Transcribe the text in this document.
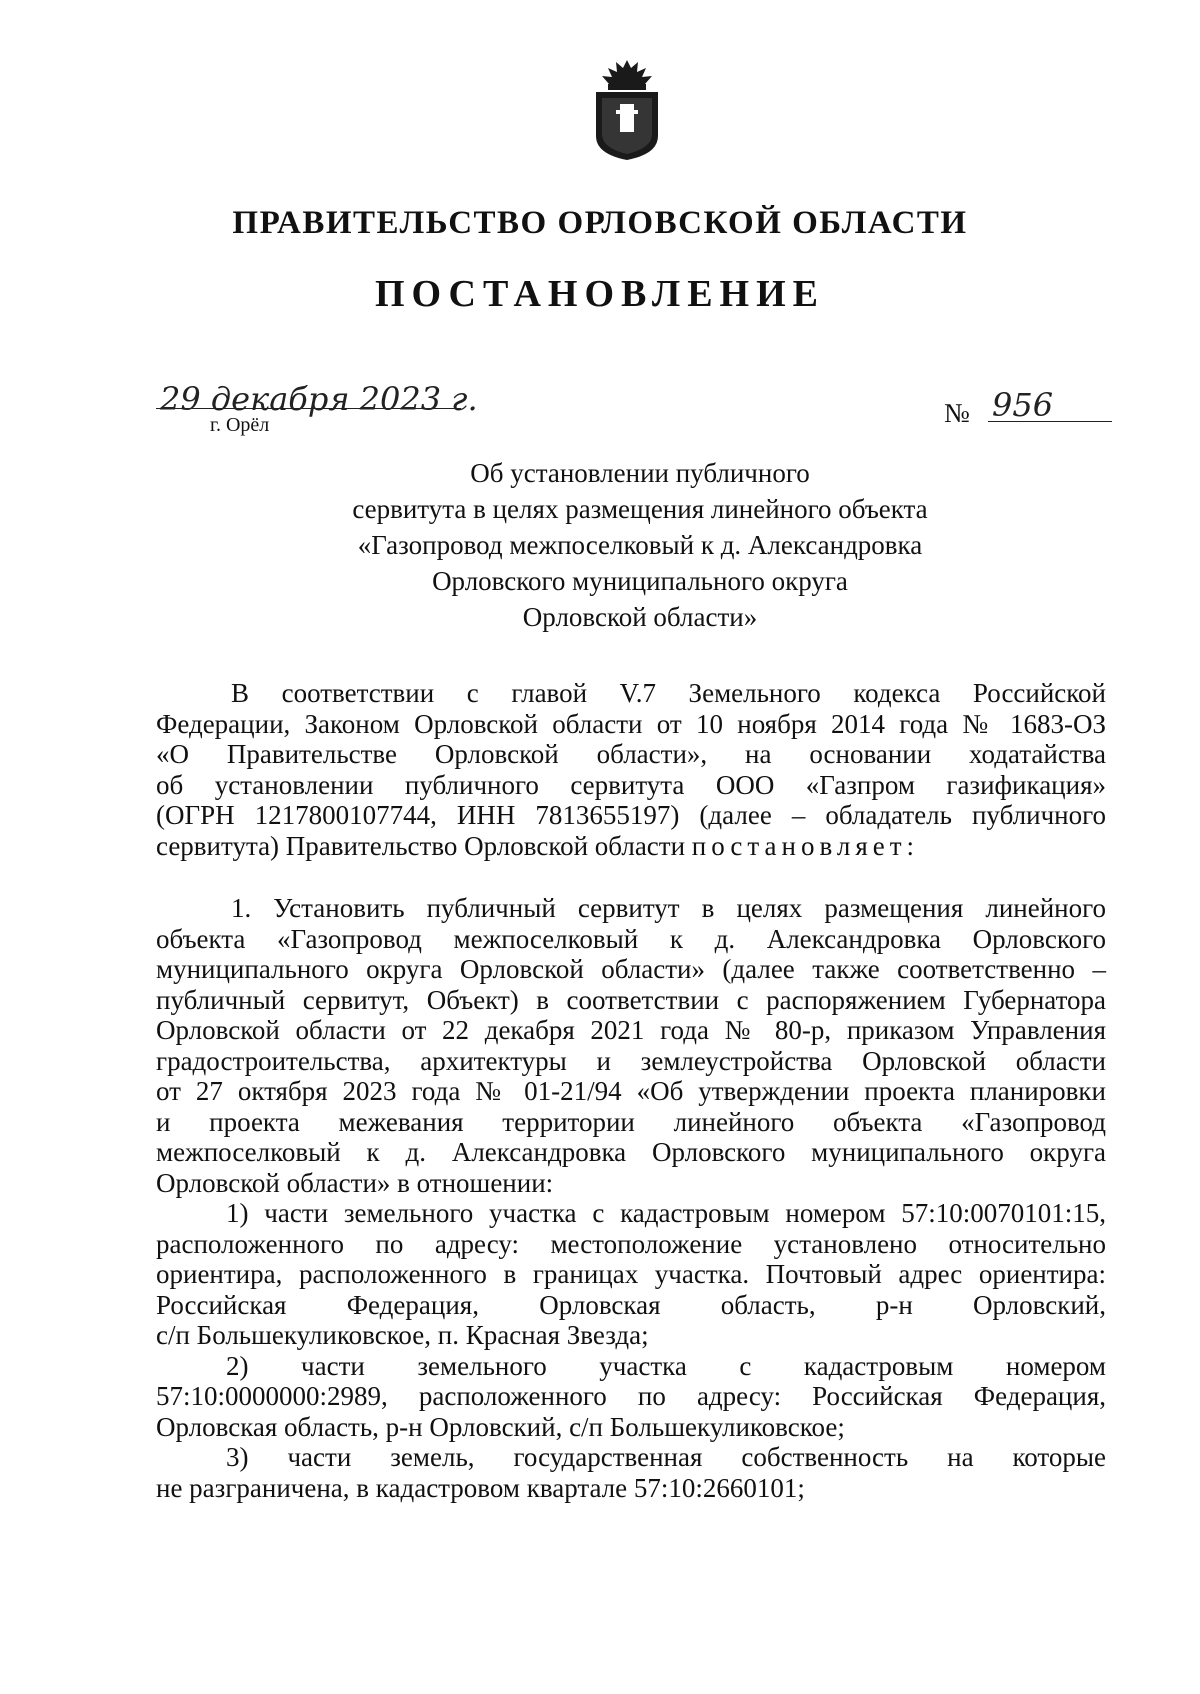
ПРАВИТЕЛЬСТВО ОРЛОВСКОЙ ОБЛАСТИ
ПОСТАНОВЛЕНИЕ
29 декабря 2023 г.
г. Орёл	№ 956
Об установлении публичного
сервитута в целях размещения линейного объекта
«Газопровод межпоселковый к д. Александровка
Орловского муниципального округа
Орловской области»

В соответствии с главой V.7 Земельного кодекса Российской

Федерации, Законом Орловской области от 10 ноября 2014 года № 1683-ОЗ

«О Правительстве Орловской области», на основании ходатайства

об установлении публичного сервитута ООО «Газпром газификация»

(ОГРН 1217800107744, ИНН 7813655197) (далее – обладатель публичного

сервитута) Правительство Орловской области постановляет:

1. Установить публичный сервитут в целях размещения линейного

объекта «Газопровод межпоселковый к д. Александровка Орловского

муниципального округа Орловской области» (далее также соответственно –

публичный сервитут, Объект) в соответствии с распоряжением Губернатора

Орловской области от 22 декабря 2021 года № 80-р, приказом Управления

градостроительства, архитектуры и землеустройства Орловской области

от 27 октября 2023 года № 01-21/94 «Об утверждении проекта планировки

и проекта межевания территории линейного объекта «Газопровод

межпоселковый к д. Александровка Орловского муниципального округа

Орловской области» в отношении:

1) части земельного участка с кадастровым номером 57:10:0070101:15,

расположенного по адресу: местоположение установлено относительно

ориентира, расположенного в границах участка. Почтовый адрес ориентира:

Российская Федерация, Орловская область, р-н Орловский,

с/п Большекуликовское, п. Красная Звезда;

2) части земельного участка с кадастровым номером

57:10:0000000:2989, расположенного по адресу: Российская Федерация,

Орловская область, р-н Орловский, с/п Большекуликовское;

3) части земель, государственная собственность на которые

не разграничена, в кадастровом квартале 57:10:2660101;
